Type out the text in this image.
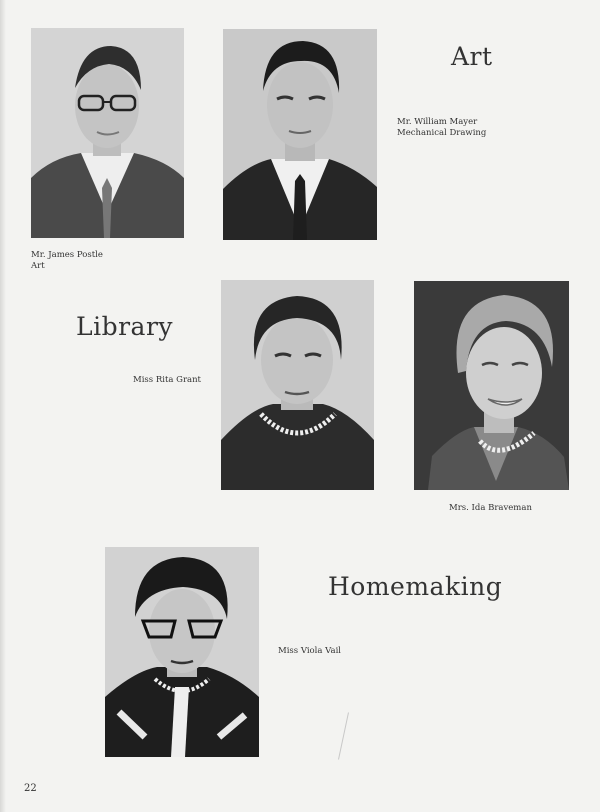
Art
Mr. William Mayer
Mechanical Drawing
Mr. James Postle
Art
Library
Miss Rita Grant
Mrs. Ida Braveman
Homemaking
Miss Viola Vail
22
